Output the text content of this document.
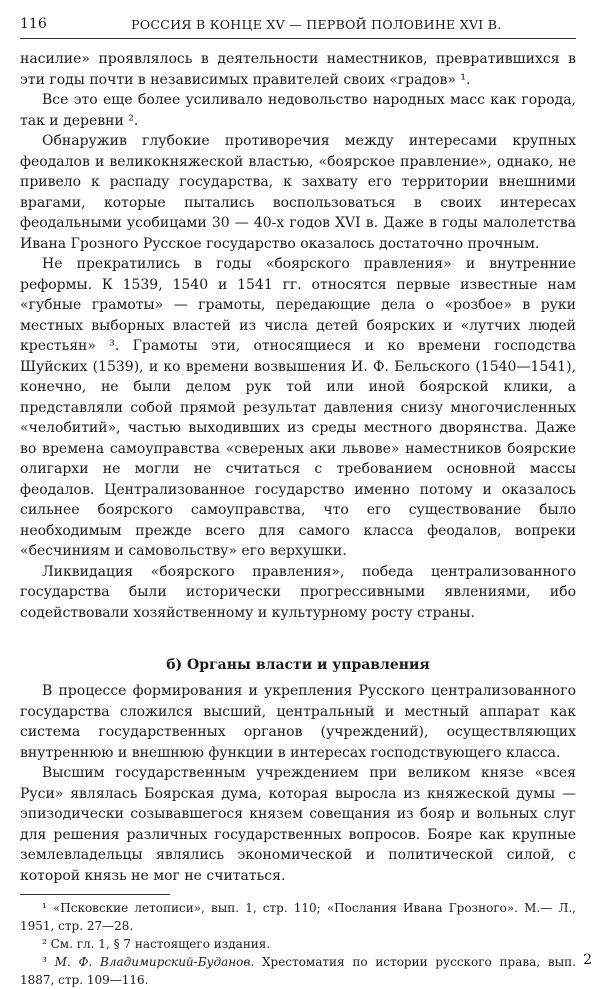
116	РОССИЯ В КОНЦЕ XV — ПЕРВОЙ ПОЛОВИНЕ XVI В.

насилие» проявлялось в деятельности наместников, превратившихся в эти годы почти в независимых правителей своих «градов» ¹.

Все это еще более усиливало недовольство народных масс как города, так и деревни ².

Обнаружив глубокие противоречия между интересами крупных феодалов и великокняжеской властью, «боярское правление», однако, не привело к распаду государства, к захвату его территории внешними врагами, которые пытались воспользоваться в своих интересах феодальными усобицами 30 — 40-х годов XVI в. Даже в годы малолетства Ивана Грозного Русское государство оказалось достаточно прочным.

Не прекратились в годы «боярского правления» и внутренние реформы. К 1539, 1540 и 1541 гг. относятся первые известные нам «губные грамоты» — грамоты, передающие дела о «розбое» в руки местных выборных властей из числа детей боярских и «лутчих людей крестьян» ³. Грамоты эти, относящиеся и ко времени господства Шуйских (1539), и ко времени возвышения И. Ф. Бельского (1540—1541), конечно, не были делом рук той или иной боярской клики, а представляли собой прямой результат давления снизу многочисленных «челобитий», частью выходивших из среды местного дворянства. Даже во времена самоуправства «свереных аки львове» наместников боярские олигархи не могли не считаться с требованием основной массы феодалов. Централизованное государство именно потому и оказалось сильнее боярского самоуправства, что его существование было необходимым прежде всего для самого класса феодалов, вопреки «бесчиниям и самовольству» его верхушки.

Ликвидация «боярского правления», победа централизованного государства были исторически прогрессивными явлениями, ибо содействовали хозяйственному и культурному росту страны.

б) Органы власти и управления

В процессе формирования и укрепления Русского централизованного государства сложился высший, центральный и местный аппарат как система государственных органов (учреждений), осуществляющих внутреннюю и внешнюю функции в интересах господствующего класса.

Высшим государственным учреждением при великом князе «всея Руси» являлась Боярская дума, которая выросла из княжеской думы — эпизодически созывавшегося князем совещания из бояр и вольных слуг для решения различных государственных вопросов. Бояре как крупные землевладельцы являлись экономической и политической силой, с которой князь не мог не считаться.

¹ «Псковские летописи», вып. 1, стр. 110; «Послания Ивана Грозного». М.— Л., 1951, стр. 27—28.

² См. гл. 1, § 7 настоящего издания.

³ М. Ф. Владимирский-Буданов. Хрестоматия по истории русского права, вып. 1887, стр. 109—116.

2
